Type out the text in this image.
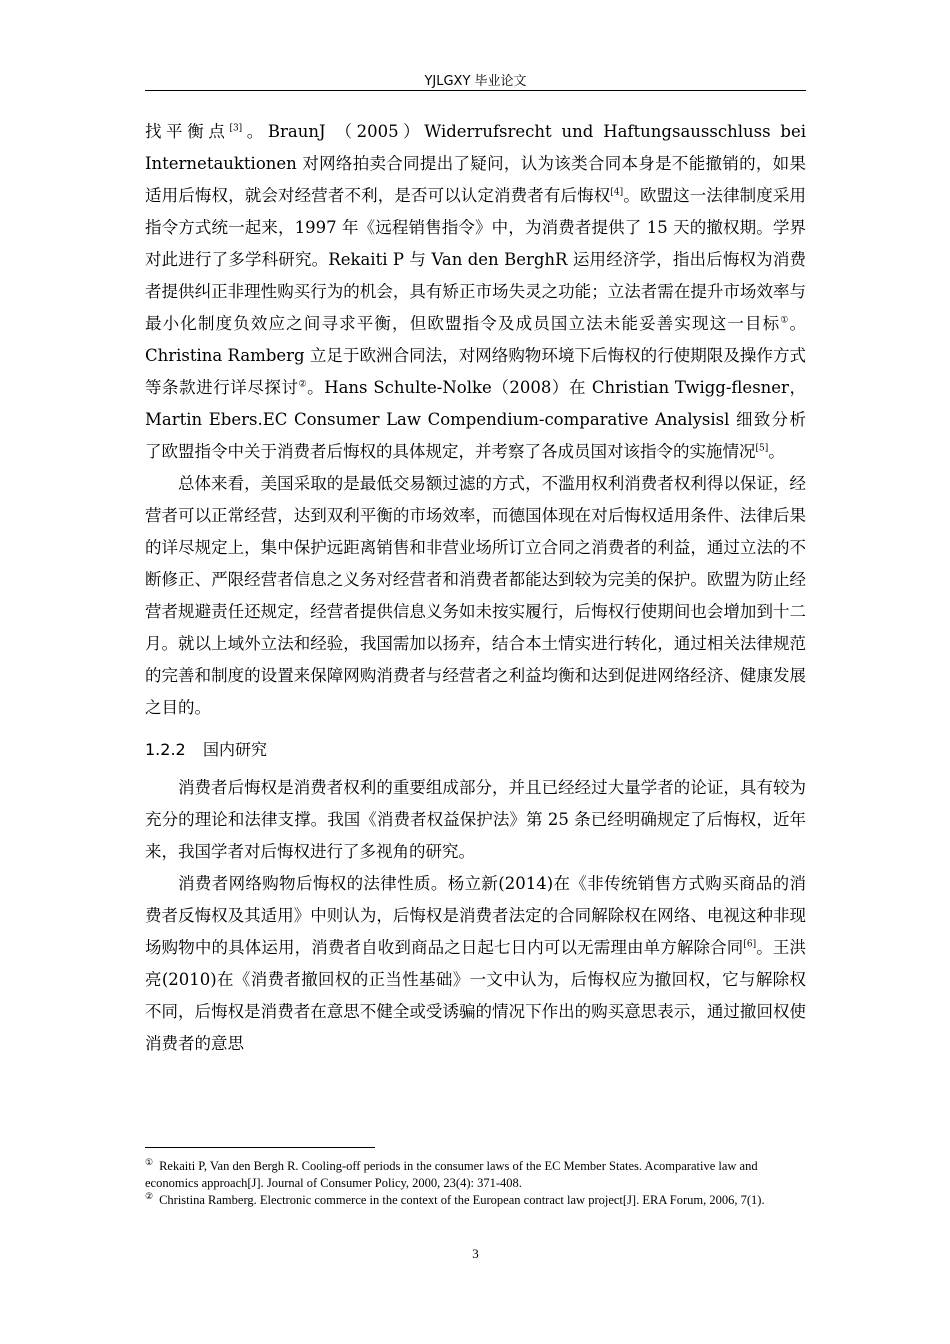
YJLGXY 毕业论文

找平衡点[3]。BraunJ （2005）Widerrufsrecht und Haftungsausschluss bei Internetauktionen 对网络拍卖合同提出了疑问，认为该类合同本身是不能撤销的，如果适用后悔权，就会对经营者不利，是否可以认定消费者有后悔权[4]。欧盟这一法律制度采用指令方式统一起来，1997 年《远程销售指令》中，为消费者提供了 15 天的撤权期。学界对此进行了多学科研究。Rekaiti P 与 Van den BerghR 运用经济学，指出后悔权为消费者提供纠正非理性购买行为的机会，具有矫正市场失灵之功能；立法者需在提升市场效率与最小化制度负效应之间寻求平衡，但欧盟指令及成员国立法未能妥善实现这一目标①。Christina Ramberg 立足于欧洲合同法，对网络购物环境下后悔权的行使期限及操作方式等条款进行详尽探讨②。Hans Schulte-Nolke（2008）在 Christian Twigg-flesner，Martin Ebers.EC Consumer Law Compendium-comparative Analysisl 细致分析了欧盟指令中关于消费者后悔权的具体规定，并考察了各成员国对该指令的实施情况[5]。

总体来看，美国采取的是最低交易额过滤的方式，不滥用权利消费者权利得以保证，经营者可以正常经营，达到双利平衡的市场效率，而德国体现在对后悔权适用条件、法律后果的详尽规定上，集中保护远距离销售和非营业场所订立合同之消费者的利益，通过立法的不断修正、严限经营者信息之义务对经营者和消费者都能达到较为完美的保护。欧盟为防止经营者规避责任还规定，经营者提供信息义务如未按实履行，后悔权行使期间也会增加到十二月。就以上域外立法和经验，我国需加以扬弃，结合本土情实进行转化，通过相关法律规范的完善和制度的设置来保障网购消费者与经营者之利益均衡和达到促进网络经济、健康发展之目的。

1.2.2 国内研究

消费者后悔权是消费者权利的重要组成部分，并且已经经过大量学者的论证，具有较为充分的理论和法律支撑。我国《消费者权益保护法》第 25 条已经明确规定了后悔权，近年来，我国学者对后悔权进行了多视角的研究。

消费者网络购物后悔权的法律性质。杨立新(2014)在《非传统销售方式购买商品的消费者反悔权及其适用》中则认为，后悔权是消费者法定的合同解除权在网络、电视这种非现场购物中的具体运用，消费者自收到商品之日起七日内可以无需理由单方解除合同[6]。王洪亮(2010)在《消费者撤回权的正当性基础》一文中认为，后悔权应为撤回权，它与解除权不同，后悔权是消费者在意思不健全或受诱骗的情况下作出的购买意思表示，通过撤回权使消费者的意思

① Rekaiti P, Van den Bergh R. Cooling-off periods in the consumer laws of the EC Member States. Acomparative law and economics approach[J]. Journal of Consumer Policy, 2000, 23(4): 371-408.

② Christina Ramberg. Electronic commerce in the context of the European contract law project[J]. ERA Forum, 2006, 7(1).

3
